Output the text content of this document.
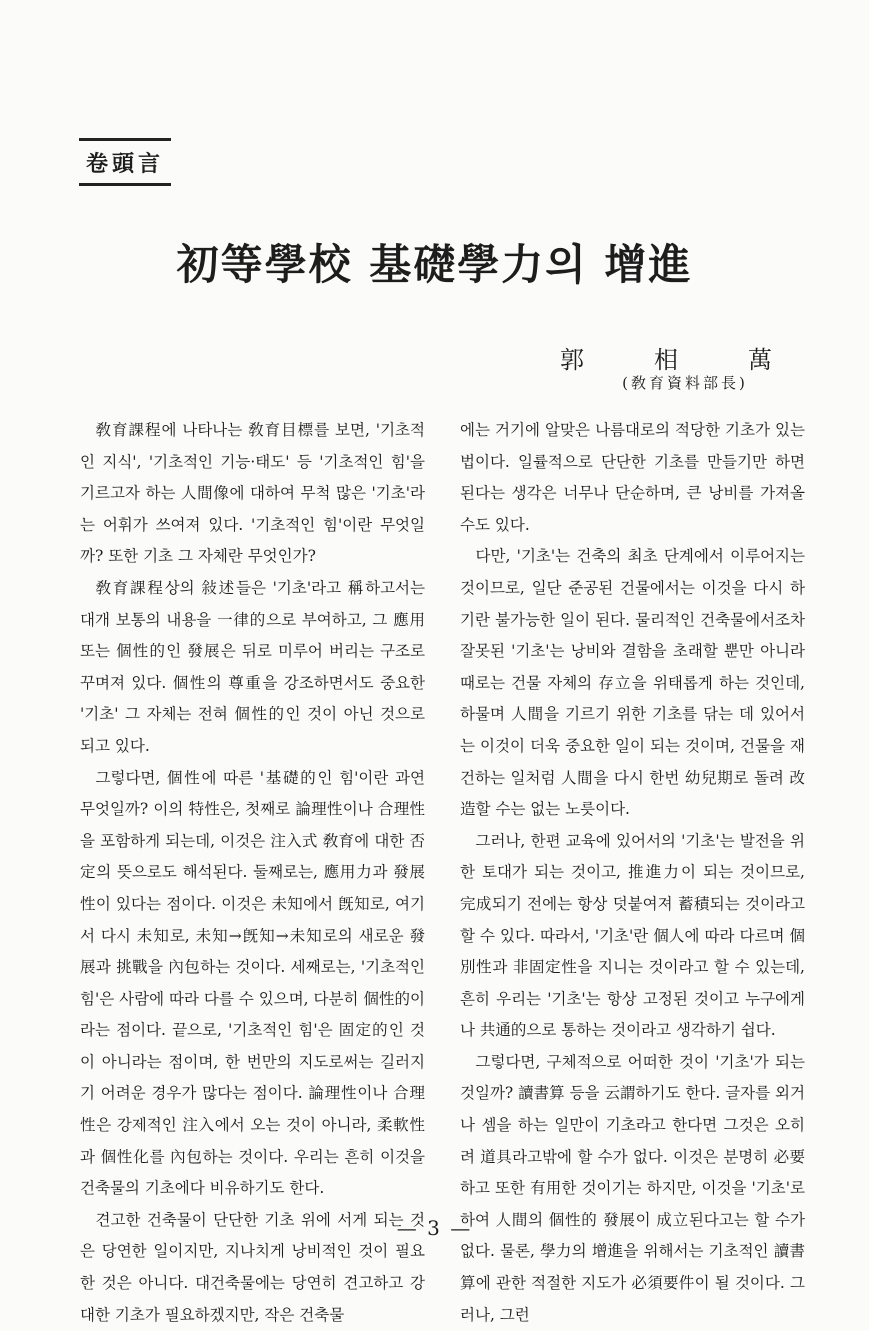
卷頭言
初等學校 基礎學力의 增進
郭	相	萬
(敎育資料部長)

敎育課程에 나타나는 敎育目標를 보면, '기초적인 지식', '기초적인 기능·태도' 등 '기초적인 힘'을 기르고자 하는 人間像에 대하여 무척 많은 '기초'라는 어휘가 쓰여져 있다. '기초적인 힘'이란 무엇일까? 또한 기초 그 자체란 무엇인가?

敎育課程상의 敍述들은 '기초'라고 稱하고서는 대개 보통의 내용을 一律的으로 부여하고, 그 應用 또는 個性的인 發展은 뒤로 미루어 버리는 구조로 꾸며져 있다. 個性의 尊重을 강조하면서도 중요한 '기초' 그 자체는 전혀 個性的인 것이 아닌 것으로 되고 있다.

그렇다면, 個性에 따른 '基礎的인 힘'이란 과연 무엇일까? 이의 特性은, 첫째로 論理性이나 合理性을 포함하게 되는데, 이것은 注入式 敎育에 대한 否定의 뜻으로도 해석된다. 둘째로는, 應用力과 發展性이 있다는 점이다. 이것은 未知에서 旣知로, 여기서 다시 未知로, 未知→旣知→未知로의 새로운 發展과 挑戰을 內包하는 것이다. 세째로는, '기초적인 힘'은 사람에 따라 다를 수 있으며, 다분히 個性的이라는 점이다. 끝으로, '기초적인 힘'은 固定的인 것이 아니라는 점이며, 한 번만의 지도로써는 길러지기 어려운 경우가 많다는 점이다. 論理性이나 合理性은 강제적인 注入에서 오는 것이 아니라, 柔軟性과 個性化를 內包하는 것이다. 우리는 흔히 이것을 건축물의 기초에다 비유하기도 한다.

견고한 건축물이 단단한 기초 위에 서게 되는 것은 당연한 일이지만, 지나치게 낭비적인 것이 필요한 것은 아니다. 대건축물에는 당연히 견고하고 강대한 기초가 필요하겠지만, 작은 건축물

에는 거기에 알맞은 나름대로의 적당한 기초가 있는 법이다. 일률적으로 단단한 기초를 만들기만 하면 된다는 생각은 너무나 단순하며, 큰 낭비를 가져올 수도 있다.

다만, '기초'는 건축의 최초 단계에서 이루어지는 것이므로, 일단 준공된 건물에서는 이것을 다시 하기란 불가능한 일이 된다. 물리적인 건축물에서조차 잘못된 '기초'는 낭비와 결함을 초래할 뿐만 아니라 때로는 건물 자체의 存立을 위태롭게 하는 것인데, 하물며 人間을 기르기 위한 기초를 닦는 데 있어서는 이것이 더욱 중요한 일이 되는 것이며, 건물을 재건하는 일처럼 人間을 다시 한번 幼兒期로 돌려 改造할 수는 없는 노릇이다.

그러나, 한편 교육에 있어서의 '기초'는 발전을 위한 토대가 되는 것이고, 推進力이 되는 것이므로, 完成되기 전에는 항상 덧붙여져 蓄積되는 것이라고 할 수 있다. 따라서, '기초'란 個人에 따라 다르며 個別性과 非固定性을 지니는 것이라고 할 수 있는데, 흔히 우리는 '기초'는 항상 고정된 것이고 누구에게나 共通的으로 통하는 것이라고 생각하기 쉽다.

그렇다면, 구체적으로 어떠한 것이 '기초'가 되는 것일까? 讀書算 등을 云謂하기도 한다. 글자를 외거나 셈을 하는 일만이 기초라고 한다면 그것은 오히려 道具라고밖에 할 수가 없다. 이것은 분명히 必要하고 또한 有用한 것이기는 하지만, 이것을 '기초'로 하여 人間의 個性的 發展이 成立된다고는 할 수가 없다. 물론, 學力의 增進을 위해서는 기초적인 讀書算에 관한 적절한 지도가 必須要件이 될 것이다. 그러나, 그런

— 3 —
